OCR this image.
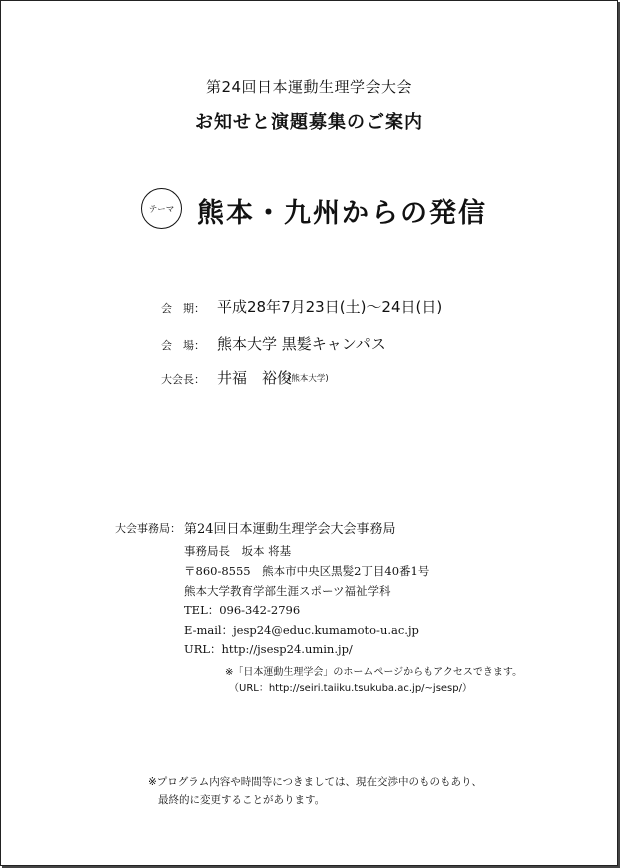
第24回日本運動生理学会大会
お知せと演題募集のご案内
テーマ 熊本・九州からの発信
会　期： 平成28年7月23日(土)～24日(日)
会　場： 熊本大学 黒髪キャンパス
大会長： 井福　裕俊
(熊本大学)
大会事務局： 第24回日本運動生理学会大会事務局
事務局長　坂本 将基
〒860-8555　熊本市中央区黒髪2丁目40番1号
熊本大学教育学部生涯スポーツ福祉学科
TEL：096-342-2796
E-mail：jesp24@educ.kumamoto-u.ac.jp
URL：http://jsesp24.umin.jp/
※「日本運動生理学会」のホームページからもアクセスできます。
（URL：http://seiri.taiiku.tsukuba.ac.jp/~jsesp/）
※プログラム内容や時間等につきましては、現在交渉中のものもあり、
最終的に変更することがあります。
